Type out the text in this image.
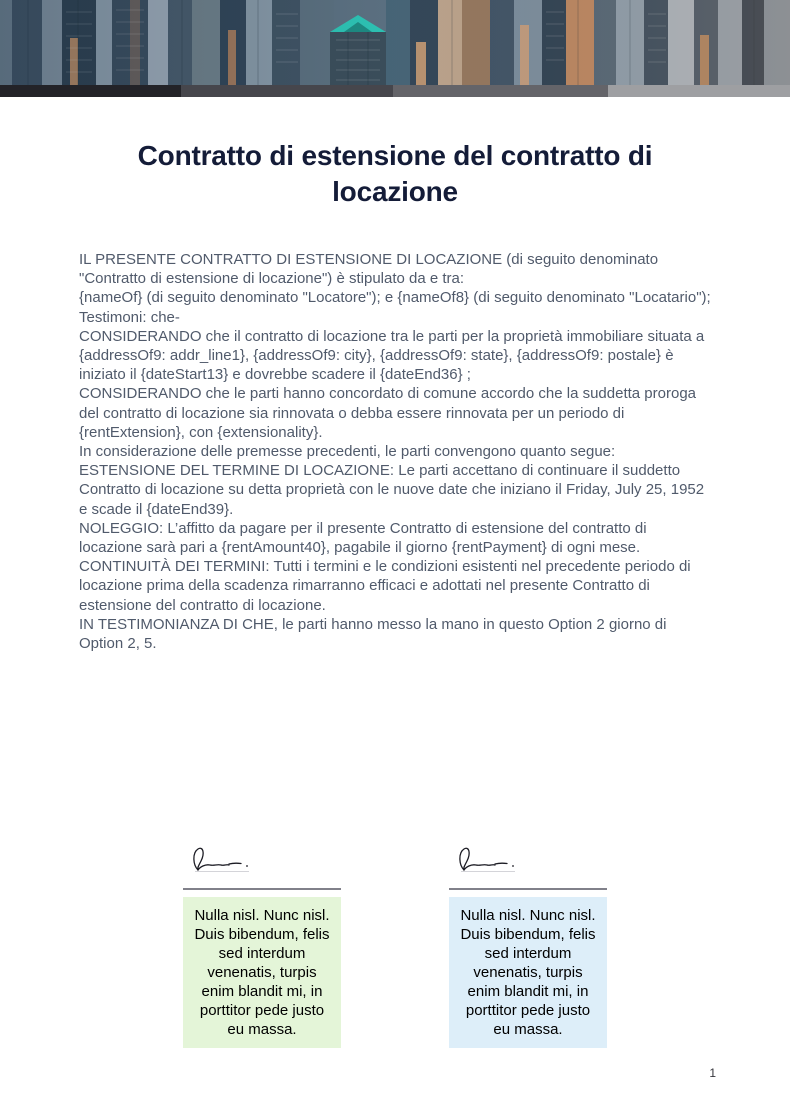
Contratto di estensione del contratto di locazione

IL PRESENTE CONTRATTO DI ESTENSIONE DI LOCAZIONE (di seguito denominato "Contratto di estensione di locazione") è stipulato da e tra:

{nameOf} (di seguito denominato "Locatore"); e {nameOf8} (di seguito denominato "Locatario"); Testimoni: che-

CONSIDERANDO che il contratto di locazione tra le parti per la proprietà immobiliare situata a {addressOf9: addr_line1}, {addressOf9: city}, {addressOf9: state}, {addressOf9: postale} è iniziato il {dateStart13} e dovrebbe scadere il {dateEnd36} ;

CONSIDERANDO che le parti hanno concordato di comune accordo che la suddetta proroga del contratto di locazione sia rinnovata o debba essere rinnovata per un periodo di {rentExtension}, con {extensionality}.

In considerazione delle premesse precedenti, le parti convengono quanto segue:

ESTENSIONE DEL TERMINE DI LOCAZIONE: Le parti accettano di continuare il suddetto Contratto di locazione su detta proprietà con le nuove date che iniziano il Friday, July 25, 1952 e scade il {dateEnd39}.

NOLEGGIO: L’affitto da pagare per il presente Contratto di estensione del contratto di locazione sarà pari a {rentAmount40}, pagabile il giorno {rentPayment} di ogni mese.

CONTINUITÀ DEI TERMINI: Tutti i termini e le condizioni esistenti nel precedente periodo di locazione prima della scadenza rimarranno efficaci e adottati nel presente Contratto di estensione del contratto di locazione.

IN TESTIMONIANZA DI CHE, le parti hanno messo la mano in questo Option 2 giorno di Option 2, 5.

Nulla nisl. Nunc nisl. Duis bibendum, felis sed interdum venenatis, turpis enim blandit mi, in porttitor pede justo eu massa.
Nulla nisl. Nunc nisl. Duis bibendum, felis sed interdum venenatis, turpis enim blandit mi, in porttitor pede justo eu massa.
1
